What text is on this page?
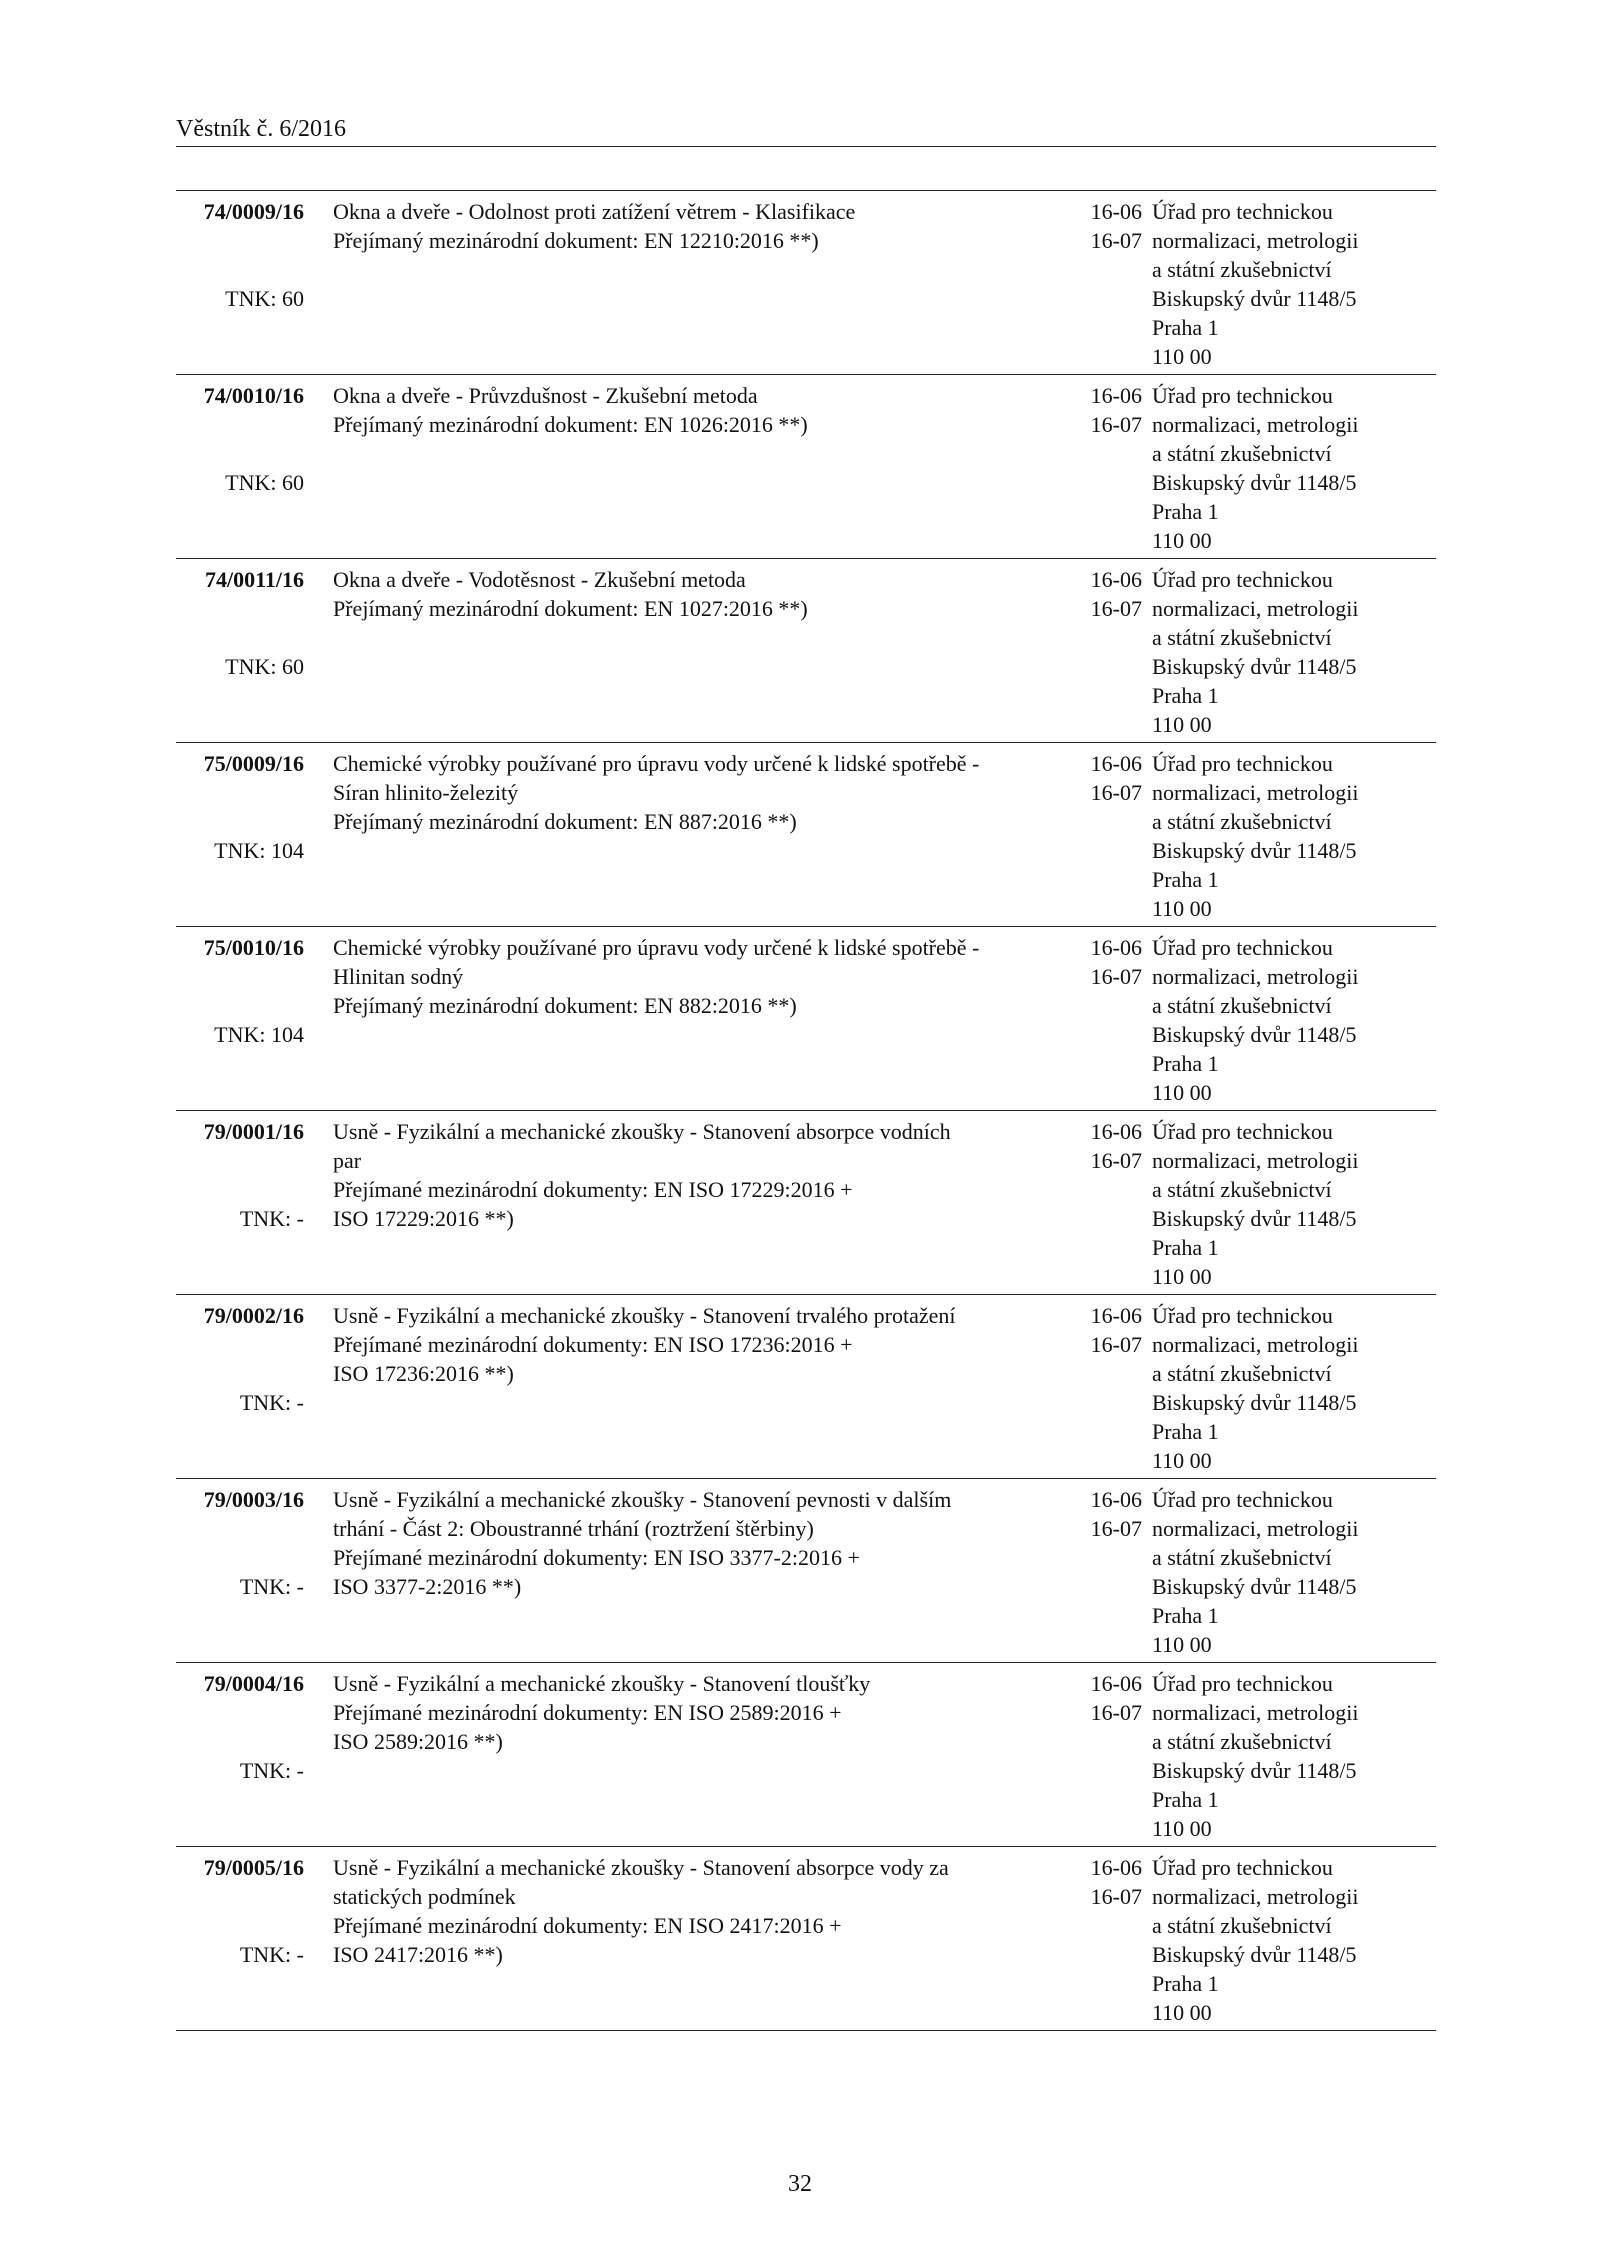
Věstník č. 6/2016
74/0009/16
TNK: 60
Okna a dveře - Odolnost proti zatížení větrem - Klasifikace
Přejímaný mezinárodní dokument: EN 12210:2016 **)
16-06
16-07
Úřad pro technickou
normalizaci, metrologii
a státní zkušebnictví
Biskupský dvůr 1148/5
Praha 1
110 00
74/0010/16
TNK: 60
Okna a dveře - Průvzdušnost - Zkušební metoda
Přejímaný mezinárodní dokument: EN 1026:2016 **)
16-06
16-07
Úřad pro technickou
normalizaci, metrologii
a státní zkušebnictví
Biskupský dvůr 1148/5
Praha 1
110 00
74/0011/16
TNK: 60
Okna a dveře - Vodotěsnost - Zkušební metoda
Přejímaný mezinárodní dokument: EN 1027:2016 **)
16-06
16-07
Úřad pro technickou
normalizaci, metrologii
a státní zkušebnictví
Biskupský dvůr 1148/5
Praha 1
110 00
75/0009/16
TNK: 104
Chemické výrobky používané pro úpravu vody určené k lidské spotřebě -
Síran hlinito-železitý
Přejímaný mezinárodní dokument: EN 887:2016 **)
16-06
16-07
Úřad pro technickou
normalizaci, metrologii
a státní zkušebnictví
Biskupský dvůr 1148/5
Praha 1
110 00
75/0010/16
TNK: 104
Chemické výrobky používané pro úpravu vody určené k lidské spotřebě -
Hlinitan sodný
Přejímaný mezinárodní dokument: EN 882:2016 **)
16-06
16-07
Úřad pro technickou
normalizaci, metrologii
a státní zkušebnictví
Biskupský dvůr 1148/5
Praha 1
110 00
79/0001/16
TNK: -
Usně - Fyzikální a mechanické zkoušky - Stanovení absorpce vodních
par
Přejímané mezinárodní dokumenty: EN ISO 17229:2016 +
ISO 17229:2016 **)
16-06
16-07
Úřad pro technickou
normalizaci, metrologii
a státní zkušebnictví
Biskupský dvůr 1148/5
Praha 1
110 00
79/0002/16
TNK: -
Usně - Fyzikální a mechanické zkoušky - Stanovení trvalého protažení
Přejímané mezinárodní dokumenty: EN ISO 17236:2016 +
ISO 17236:2016 **)
16-06
16-07
Úřad pro technickou
normalizaci, metrologii
a státní zkušebnictví
Biskupský dvůr 1148/5
Praha 1
110 00
79/0003/16
TNK: -
Usně - Fyzikální a mechanické zkoušky - Stanovení pevnosti v dalším
trhání - Část 2: Oboustranné trhání (roztržení štěrbiny)
Přejímané mezinárodní dokumenty: EN ISO 3377-2:2016 +
ISO 3377-2:2016 **)
16-06
16-07
Úřad pro technickou
normalizaci, metrologii
a státní zkušebnictví
Biskupský dvůr 1148/5
Praha 1
110 00
79/0004/16
TNK: -
Usně - Fyzikální a mechanické zkoušky - Stanovení tloušťky
Přejímané mezinárodní dokumenty: EN ISO 2589:2016 +
ISO 2589:2016 **)
16-06
16-07
Úřad pro technickou
normalizaci, metrologii
a státní zkušebnictví
Biskupský dvůr 1148/5
Praha 1
110 00
79/0005/16
TNK: -
Usně - Fyzikální a mechanické zkoušky - Stanovení absorpce vody za
statických podmínek
Přejímané mezinárodní dokumenty: EN ISO 2417:2016 +
ISO 2417:2016 **)
16-06
16-07
Úřad pro technickou
normalizaci, metrologii
a státní zkušebnictví
Biskupský dvůr 1148/5
Praha 1
110 00
32
